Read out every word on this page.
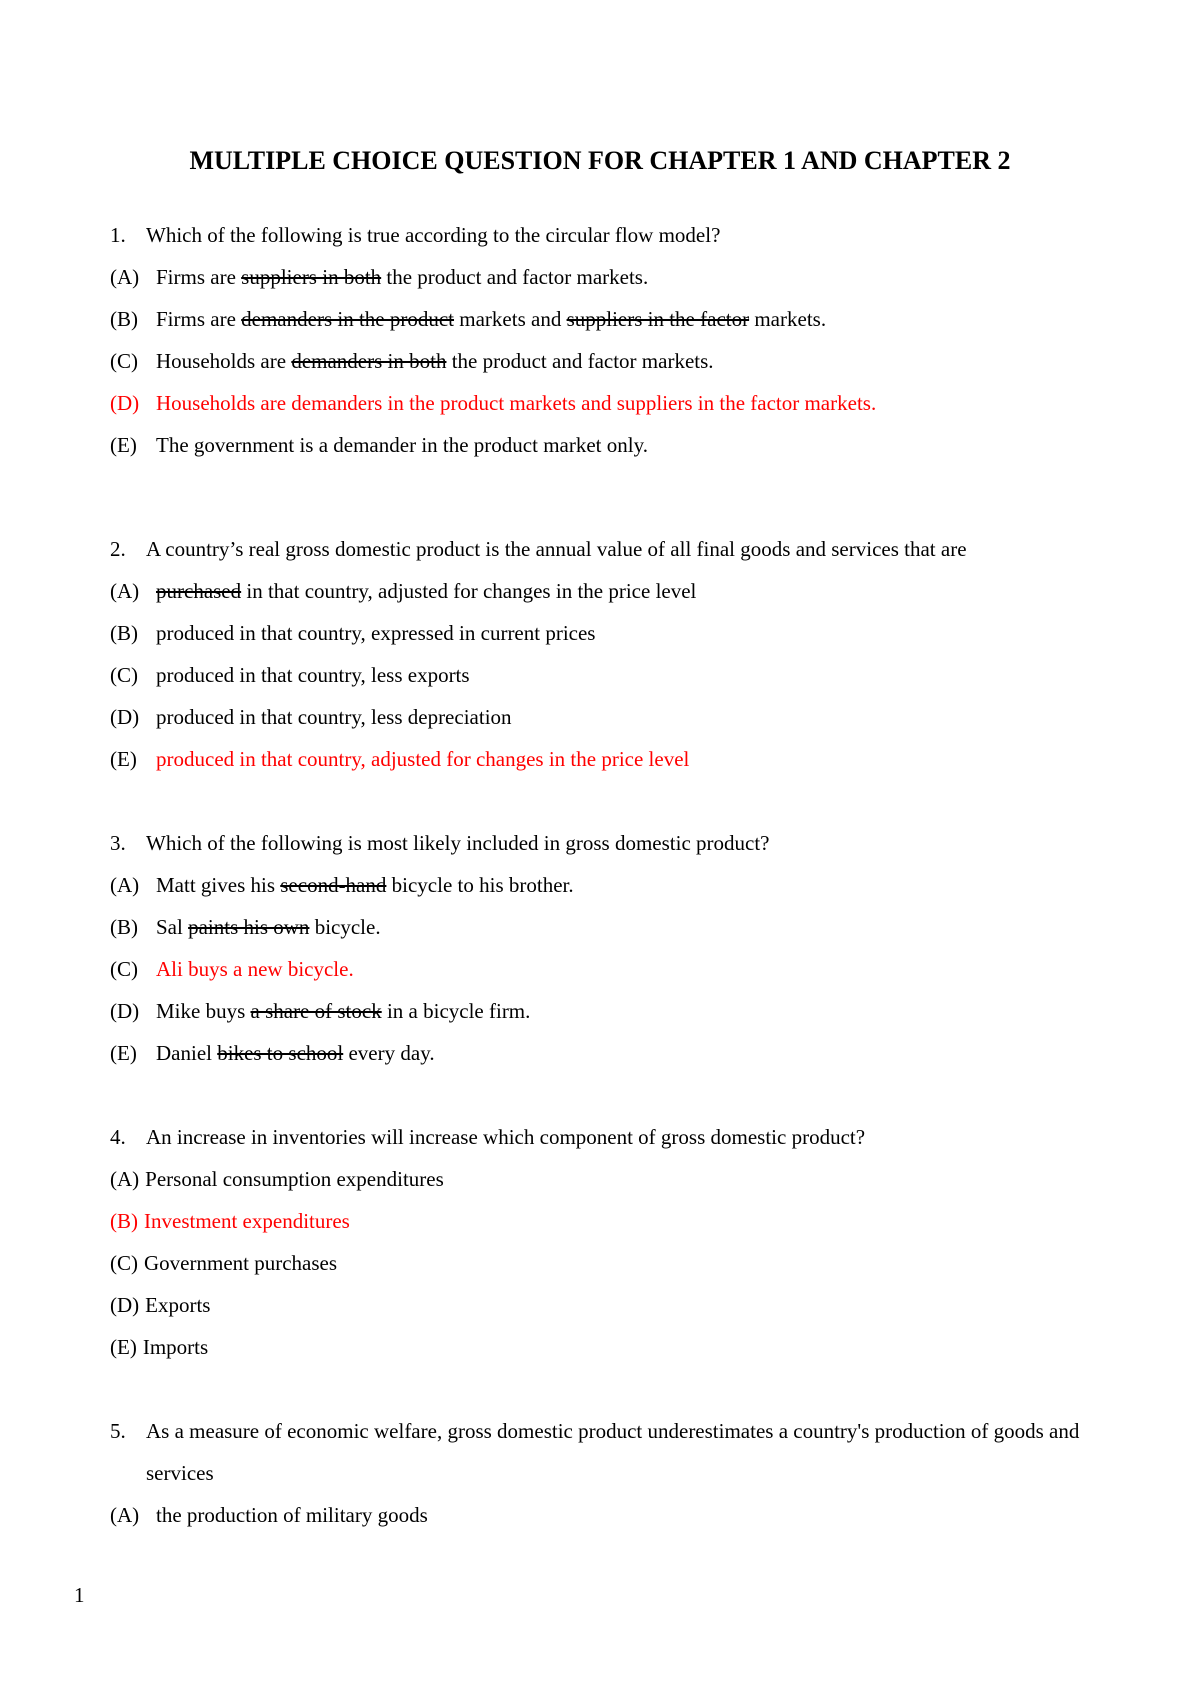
MULTIPLE CHOICE QUESTION FOR CHAPTER 1 AND CHAPTER 2
1. Which of the following is true according to the circular flow model?
(A) Firms are suppliers in both the product and factor markets.
(B) Firms are demanders in the product markets and suppliers in the factor markets.
(C) Households are demanders in both the product and factor markets.
(D) Households are demanders in the product markets and suppliers in the factor markets.
(E) The government is a demander in the product market only.
2. A country’s real gross domestic product is the annual value of all final goods and services that are
(A) purchased in that country, adjusted for changes in the price level
(B) produced in that country, expressed in current prices
(C) produced in that country, less exports
(D) produced in that country, less depreciation
(E) produced in that country, adjusted for changes in the price level
3. Which of the following is most likely included in gross domestic product?
(A) Matt gives his second-hand bicycle to his brother.
(B) Sal paints his own bicycle.
(C) Ali buys a new bicycle.
(D) Mike buys a share of stock in a bicycle firm.
(E) Daniel bikes to school every day.
4. An increase in inventories will increase which component of gross domestic product?
(A) Personal consumption expenditures
(B) Investment expenditures
(C) Government purchases
(D) Exports
(E) Imports
5. As a measure of economic welfare, gross domestic product underestimates a country's production of goods and services
(A) the production of military goods
1
